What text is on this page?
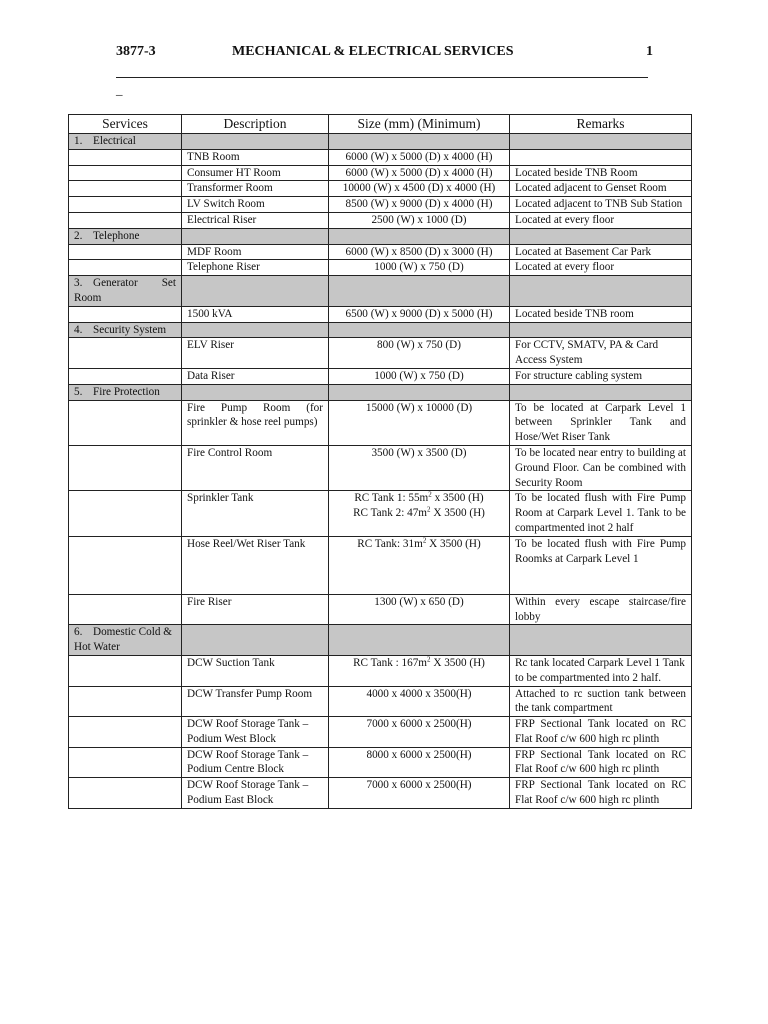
3877-3	MECHANICAL & ELECTRICAL SERVICES	1
_
Services	Description	Size (mm) (Minimum)	Remarks
1. Electrical			
	TNB Room	6000 (W) x 5000 (D) x 4000 (H)	
	Consumer HT Room	6000 (W) x 5000 (D) x 4000 (H)	Located beside TNB Room
	Transformer Room	10000 (W) x 4500 (D) x 4000 (H)	Located adjacent to Genset Room
	LV Switch Room	8500 (W) x 9000 (D) x 4000 (H)	Located adjacent to TNB Sub Station
	Electrical Riser	2500 (W) x 1000 (D)	Located at every floor
2. Telephone			
	MDF Room	6000 (W) x 8500 (D) x 3000 (H)	Located at Basement Car Park
	Telephone Riser	1000 (W) x 750 (D)	Located at every floor
3. Generator Set Room			
	1500 kVA	6500 (W) x 9000 (D) x 5000 (H)	Located beside TNB room
4. Security System			
	ELV Riser	800 (W) x 750 (D)	For CCTV, SMATV, PA & Card Access System
	Data Riser	1000 (W) x 750 (D)	For structure cabling system
5. Fire Protection			
	Fire Pump Room (for sprinkler & hose reel pumps)	15000 (W) x 10000 (D)	To be located at Carpark Level 1 between Sprinkler Tank and Hose/Wet Riser Tank
	Fire Control Room	3500 (W) x 3500 (D)	To be located near entry to building at Ground Floor. Can be combined with Security Room
	Sprinkler Tank	RC Tank 1: $55m^2$ x 3500 (H)
RC Tank 2: $47m^2$ X 3500 (H)	To be located flush with Fire Pump Room at Carpark Level 1. Tank to be compartmented inot 2 half
	Hose Reel/Wet Riser Tank	RC Tank: $31m^2$ X 3500 (H)	To be located flush with Fire Pump Roomks at Carpark Level 1
	Fire Riser	1300 (W) x 650 (D)	Within every escape staircase/fire lobby
6. Domestic Cold & Hot Water			
	DCW Suction Tank	RC Tank : $167m^2$ X 3500 (H)	Rc tank located Carpark Level 1 Tank to be compartmented into 2 half.
	DCW Transfer Pump Room	4000 x 4000 x 3500(H)	Attached to rc suction tank between the tank compartment
	DCW Roof Storage Tank – Podium West Block	7000 x 6000 x 2500(H)	FRP Sectional Tank located on RC Flat Roof c/w 600 high rc plinth
	DCW Roof Storage Tank – Podium Centre Block	8000 x 6000 x 2500(H)	FRP Sectional Tank located on RC Flat Roof c/w 600 high rc plinth
	DCW Roof Storage Tank – Podium East Block	7000 x 6000 x 2500(H)	FRP Sectional Tank located on RC Flat Roof c/w 600 high rc plinth
